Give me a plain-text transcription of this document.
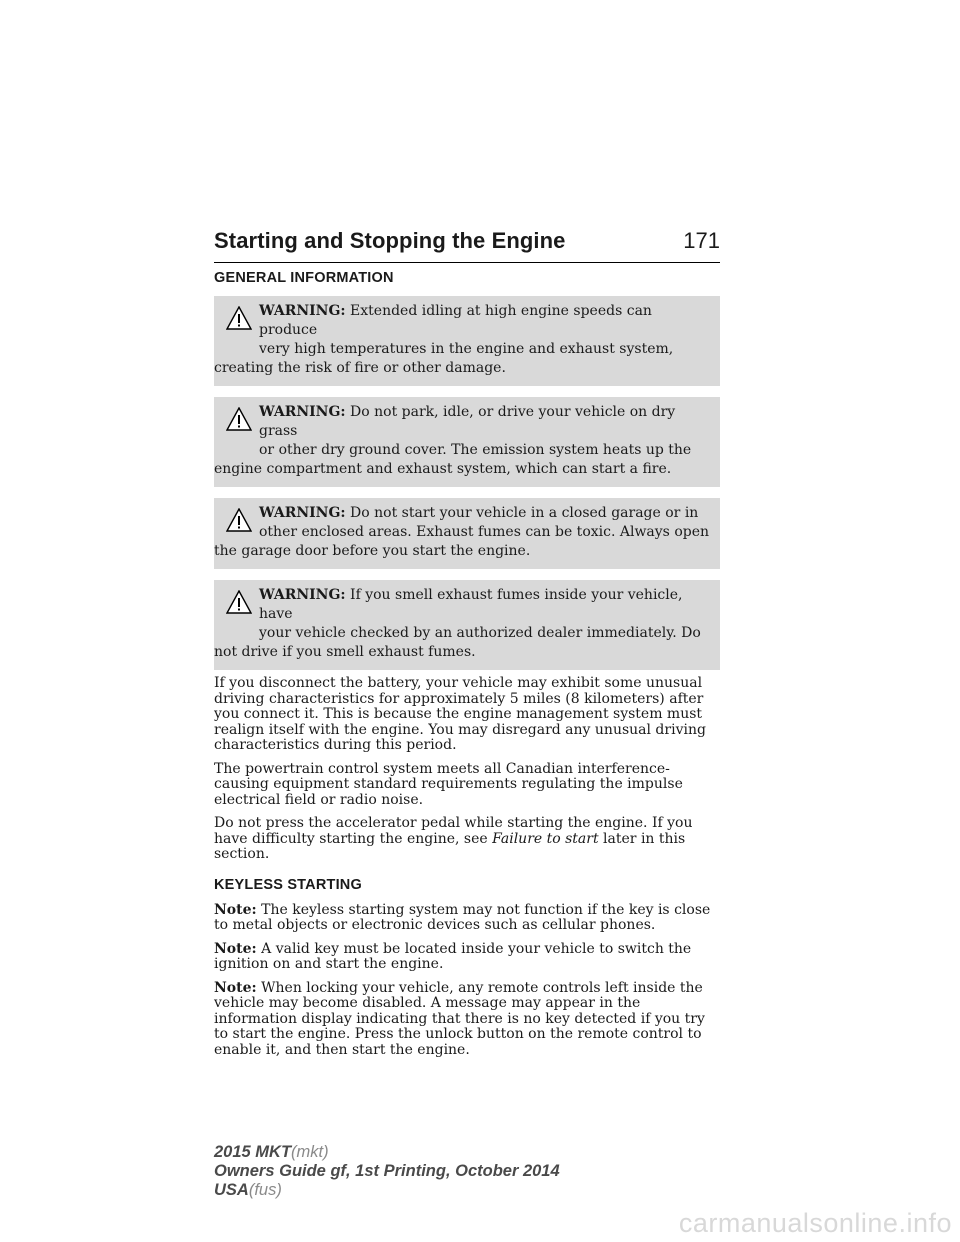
Starting and Stopping the Engine	171
GENERAL INFORMATION
WARNING: Extended idling at high engine speeds can produce
very high temperatures in the engine and exhaust system,
creating the risk of fire or other damage.
WARNING: Do not park, idle, or drive your vehicle on dry grass
or other dry ground cover. The emission system heats up the
engine compartment and exhaust system, which can start a fire.
WARNING: Do not start your vehicle in a closed garage or in
other enclosed areas. Exhaust fumes can be toxic. Always open
the garage door before you start the engine.
WARNING: If you smell exhaust fumes inside your vehicle, have
your vehicle checked by an authorized dealer immediately. Do
not drive if you smell exhaust fumes.

If you disconnect the battery, your vehicle may exhibit some unusual driving characteristics for approximately 5 miles (8 kilometers) after you connect it. This is because the engine management system must realign itself with the engine. You may disregard any unusual driving characteristics during this period.

The powertrain control system meets all Canadian interference-causing equipment standard requirements regulating the impulse electrical field or radio noise.

Do not press the accelerator pedal while starting the engine. If you have difficulty starting the engine, see Failure to start later in this section.

KEYLESS STARTING

Note: The keyless starting system may not function if the key is close to metal objects or electronic devices such as cellular phones.

Note: A valid key must be located inside your vehicle to switch the ignition on and start the engine.

Note: When locking your vehicle, any remote controls left inside the vehicle may become disabled. A message may appear in the information display indicating that there is no key detected if you try to start the engine. Press the unlock button on the remote control to enable it, and then start the engine.

2015 MKT(mkt)
Owners Guide gf, 1st Printing, October 2014
USA(fus)
carmanualsonline.info
